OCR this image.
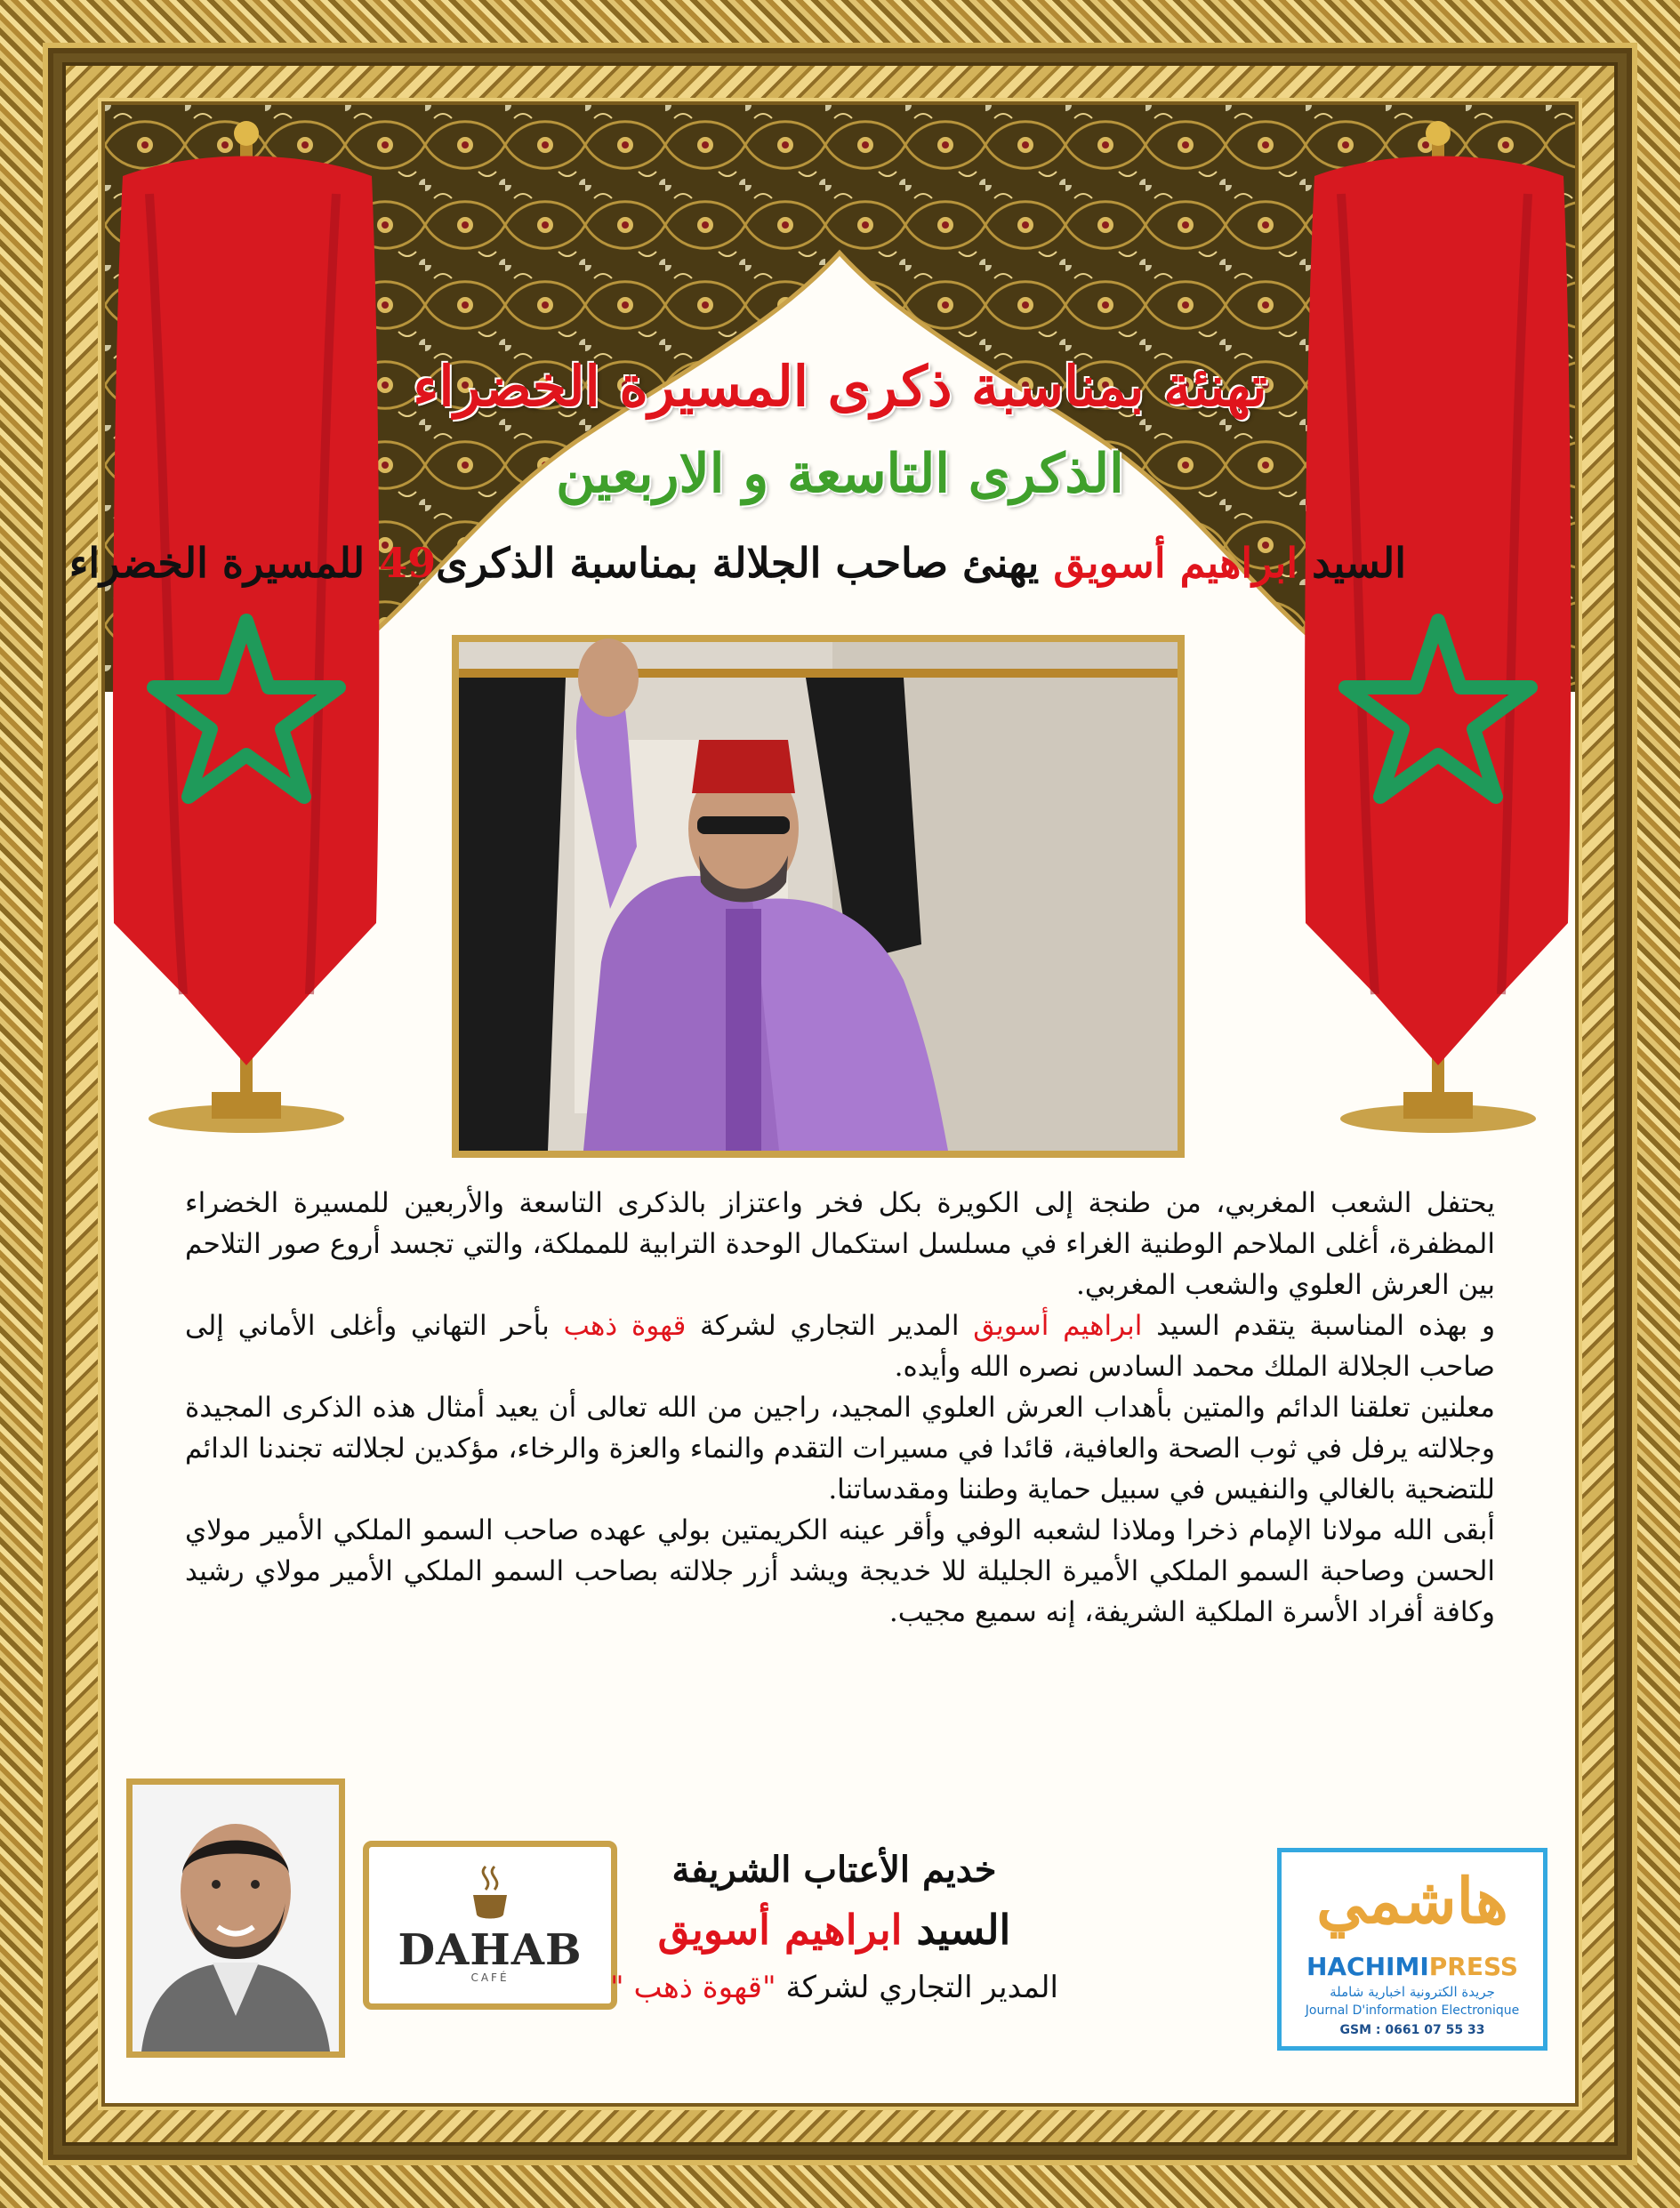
تهنئة بمناسبة ذكرى المسيرة الخضراء
الذكرى التاسعة و الاربعين
السيد ابراهيم أسويق يهنئ صاحب الجلالة بمناسبة الذكرى49 للمسيرة الخضراء

يحتفل الشعب المغربي، من طنجة إلى الكويرة بكل فخر واعتزاز بالذكرى التاسعة والأربعين للمسيرة الخضراء المظفرة، أغلى الملاحم الوطنية الغراء في مسلسل استكمال الوحدة الترابية للمملكة، والتي تجسد أروع صور التلاحم بين العرش العلوي والشعب المغربي.

و بهذه المناسبة يتقدم السيد ابراهيم أسويق المدير التجاري لشركة قهوة ذهب بأحر التهاني وأغلى الأماني إلى صاحب الجلالة الملك محمد السادس نصره الله وأيده.

معلنين تعلقنا الدائم والمتين بأهداب العرش العلوي المجيد، راجين من الله تعالى أن يعيد أمثال هذه الذكرى المجيدة وجلالته يرفل في ثوب الصحة والعافية، قائدا في مسيرات التقدم والنماء والعزة والرخاء، مؤكدين لجلالته تجندنا الدائم للتضحية بالغالي والنفيس في سبيل حماية وطننا ومقدساتنا.

أبقى الله مولانا الإمام ذخرا وملاذا لشعبه الوفي وأقر عينه الكريمتين بولي عهده صاحب السمو الملكي الأمير مولاي الحسن وصاحبة السمو الملكي الأميرة الجليلة للا خديجة ويشد أزر جلالته بصاحب السمو الملكي الأمير مولاي رشيد وكافة أفراد الأسرة الملكية الشريفة، إنه سميع مجيب.

DAHAB
CAFÉ
خديم الأعتاب الشريفة
السيد ابراهيم أسويق
المدير التجاري لشركة "قهوة ذهب "
هاشمي
HACHIMIPRESS
جريدة الكترونية اخبارية شاملة
Journal D'information Electronique
GSM : 0661 07 55 33
